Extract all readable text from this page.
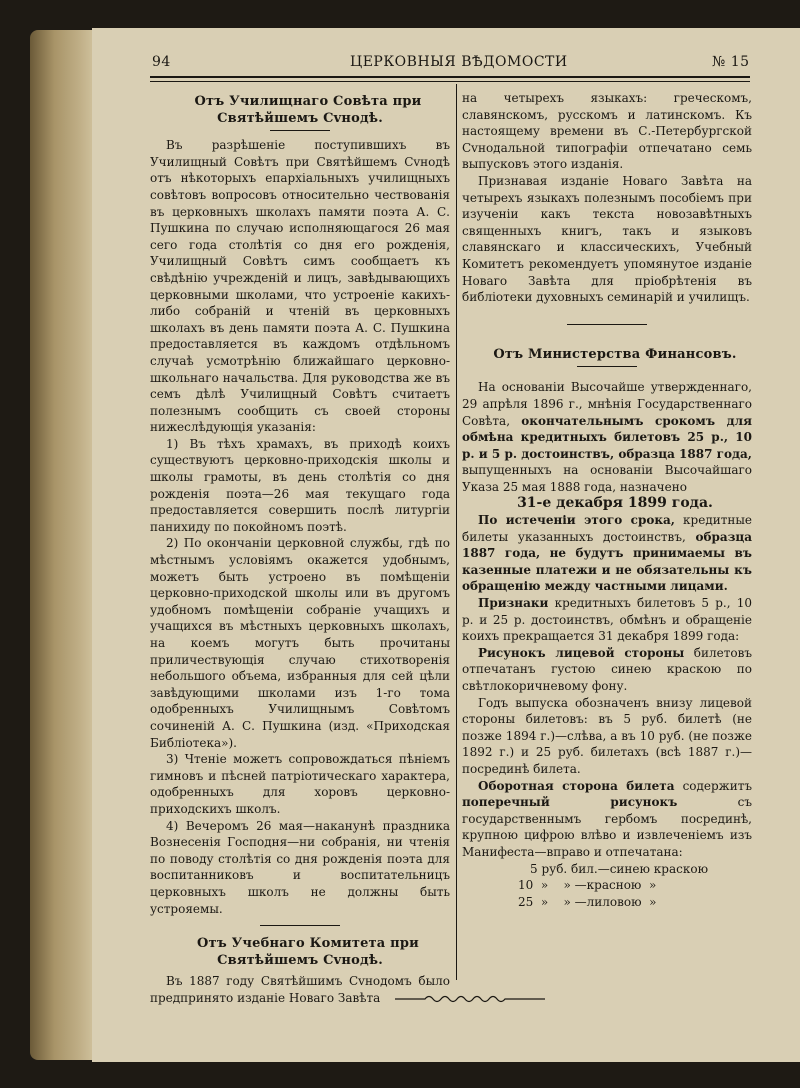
94	ЦЕРКОВНЫЯ ВѢДОМОСТИ	№ 15

Отъ Училищнаго Совѣта при Святѣйшемъ Сvнодѣ.

Въ разрѣшеніе поступившихъ въ Училищный Совѣтъ при Святѣйшемъ Сvнодѣ отъ нѣкоторыхъ епархіальныхъ училищныхъ совѣтовъ вопросовъ относительно чествованія въ церковныхъ школахъ памяти поэта А. С. Пушкина по случаю исполняющагося 26 мая сего года столѣтія со дня его рожденія, Училищный Совѣтъ симъ сообщаетъ къ свѣдѣнію учрежденій и лицъ, завѣдывающихъ церковными школами, что устроеніе какихъ-либо собраній и чтеній въ церковныхъ школахъ въ день памяти поэта А. С. Пушкина предоставляется въ каждомъ отдѣльномъ случаѣ усмотрѣнію ближайшаго церковно-школьнаго начальства. Для руководства же въ семъ дѣлѣ Училищный Совѣтъ считаетъ полезнымъ сообщить съ своей стороны нижеслѣдующія указанія:

1) Въ тѣхъ храмахъ, въ приходѣ коихъ существуютъ церковно-приходскія школы и школы грамоты, въ день столѣтія со дня рожденія поэта—26 мая текущаго года предоставляется совершить послѣ литургіи панихиду по покойномъ поэтѣ.

2) По окончаніи церковной службы, гдѣ по мѣстнымъ условіямъ окажется удобнымъ, можетъ быть устроено въ помѣщеніи церковно-приходской школы или въ другомъ удобномъ помѣщеніи собраніе учащихъ и учащихся въ мѣстныхъ церковныхъ школахъ, на коемъ могутъ быть прочитаны приличествующія случаю стихотворенія небольшого объема, избранныя для сей цѣли завѣдующими школами изъ 1-го тома одобренныхъ Училищнымъ Совѣтомъ сочиненій А. С. Пушкина (изд. «Приходская Библіотека»).

3) Чтеніе можетъ сопровождаться пѣніемъ гимновъ и пѣсней патріотическаго характера, одобренныхъ для хоровъ церковно-приходскихъ школъ.

4) Вечеромъ 26 мая—наканунѣ праздника Вознесенія Господня—ни собранія, ни чтенія по поводу столѣтія со дня рожденія поэта для воспитанниковъ и воспитательницъ церковныхъ школъ не должны быть устрояемы.

Отъ Учебнаго Комитета при Святѣйшемъ Сvнодѣ.

Въ 1887 году Святѣйшимъ Сvнодомъ было предпринято изданіе Новаго Завѣта

на четырехъ языкахъ: греческомъ, славянскомъ, русскомъ и латинскомъ. Къ настоящему времени въ С.-Петербургской Сvнодальной типографіи отпечатано семь выпусковъ этого изданія.

Признавая изданіе Новаго Завѣта на четырехъ языкахъ полезнымъ пособіемъ при изученіи какъ текста новозавѣтныхъ священныхъ книгъ, такъ и языковъ славянскаго и классическихъ, Учебный Комитетъ рекомендуетъ упомянутое изданіе Новаго Завѣта для пріобрѣтенія въ библіотеки духовныхъ семинарій и училищъ.

Отъ Министерства Финансовъ.

На основаніи Высочайше утвержденнаго, 29 апрѣля 1896 г., мнѣнія Государственнаго Совѣта, окончательнымъ срокомъ для обмѣна кредитныхъ билетовъ 25 р., 10 р. и 5 р. достоинствъ, образца 1887 года, выпущенныхъ на основаніи Высочайшаго Указа 25 мая 1888 года, назначено

31-е декабря 1899 года.

По истеченіи этого срока, кредитные билеты указанныхъ достоинствъ, образца 1887 года, не будутъ принимаемы въ казенные платежи и не обязательны къ обращенію между частными лицами.

Признаки кредитныхъ билетовъ 5 р., 10 р. и 25 р. достоинствъ, обмѣнъ и обращеніе коихъ прекращается 31 декабря 1899 года:

Рисунокъ лицевой стороны билетовъ отпечатанъ густою синею краскою по свѣтлокоричневому фону.

Годъ выпуска обозначенъ внизу лицевой стороны билетовъ: въ 5 руб. билетѣ (не позже 1894 г.)—слѣва, а въ 10 руб. (не позже 1892 г.) и 25 руб. билетахъ (всѣ 1887 г.)—посрединѣ билета.

Оборотная сторона билета содержитъ поперечный рисунокъ съ государственнымъ гербомъ посрединѣ, крупною цифрою влѣво и извлеченіемъ изъ Манифеста—вправо и отпечатана:

5 руб. бил.—синею краскою

10  »    » —красною  »

25  »    » —лиловою  »
